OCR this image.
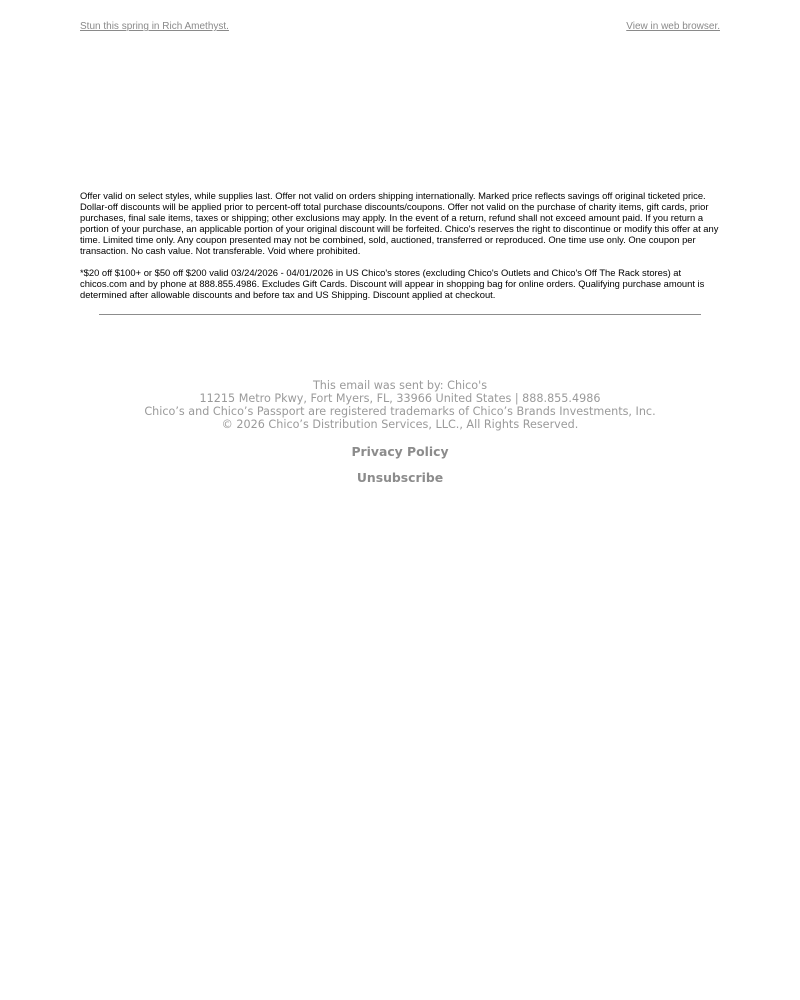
Stun this spring in Rich Amethyst.	View in web browser.

Offer valid on select styles, while supplies last. Offer not valid on orders shipping internationally. Marked price reflects savings off original ticketed price. Dollar-off discounts will be applied prior to percent-off total purchase discounts/coupons. Offer not valid on the purchase of charity items, gift cards, prior purchases, final sale items, taxes or shipping; other exclusions may apply. In the event of a return, refund shall not exceed amount paid. If you return a portion of your purchase, an applicable portion of your original discount will be forfeited. Chico's reserves the right to discontinue or modify this offer at any time. Limited time only. Any coupon presented may not be combined, sold, auctioned, transferred or reproduced. One time use only. One coupon per transaction. No cash value. Not transferable. Void where prohibited.

*$20 off $100+ or $50 off $200 valid 03/24/2026 - 04/01/2026 in US Chico's stores (excluding Chico's Outlets and Chico's Off The Rack stores) at chicos.com and by phone at 888.855.4986. Excludes Gift Cards. Discount will appear in shopping bag for online orders. Qualifying purchase amount is determined after allowable discounts and before tax and US Shipping. Discount applied at checkout.

This email was sent by: Chico's
11215 Metro Pkwy, Fort Myers, FL, 33966 United States | 888.855.4986
Chico’s and Chico’s Passport are registered trademarks of Chico’s Brands Investments, Inc.
© 2026 Chico’s Distribution Services, LLC., All Rights Reserved.
Privacy Policy
Unsubscribe
